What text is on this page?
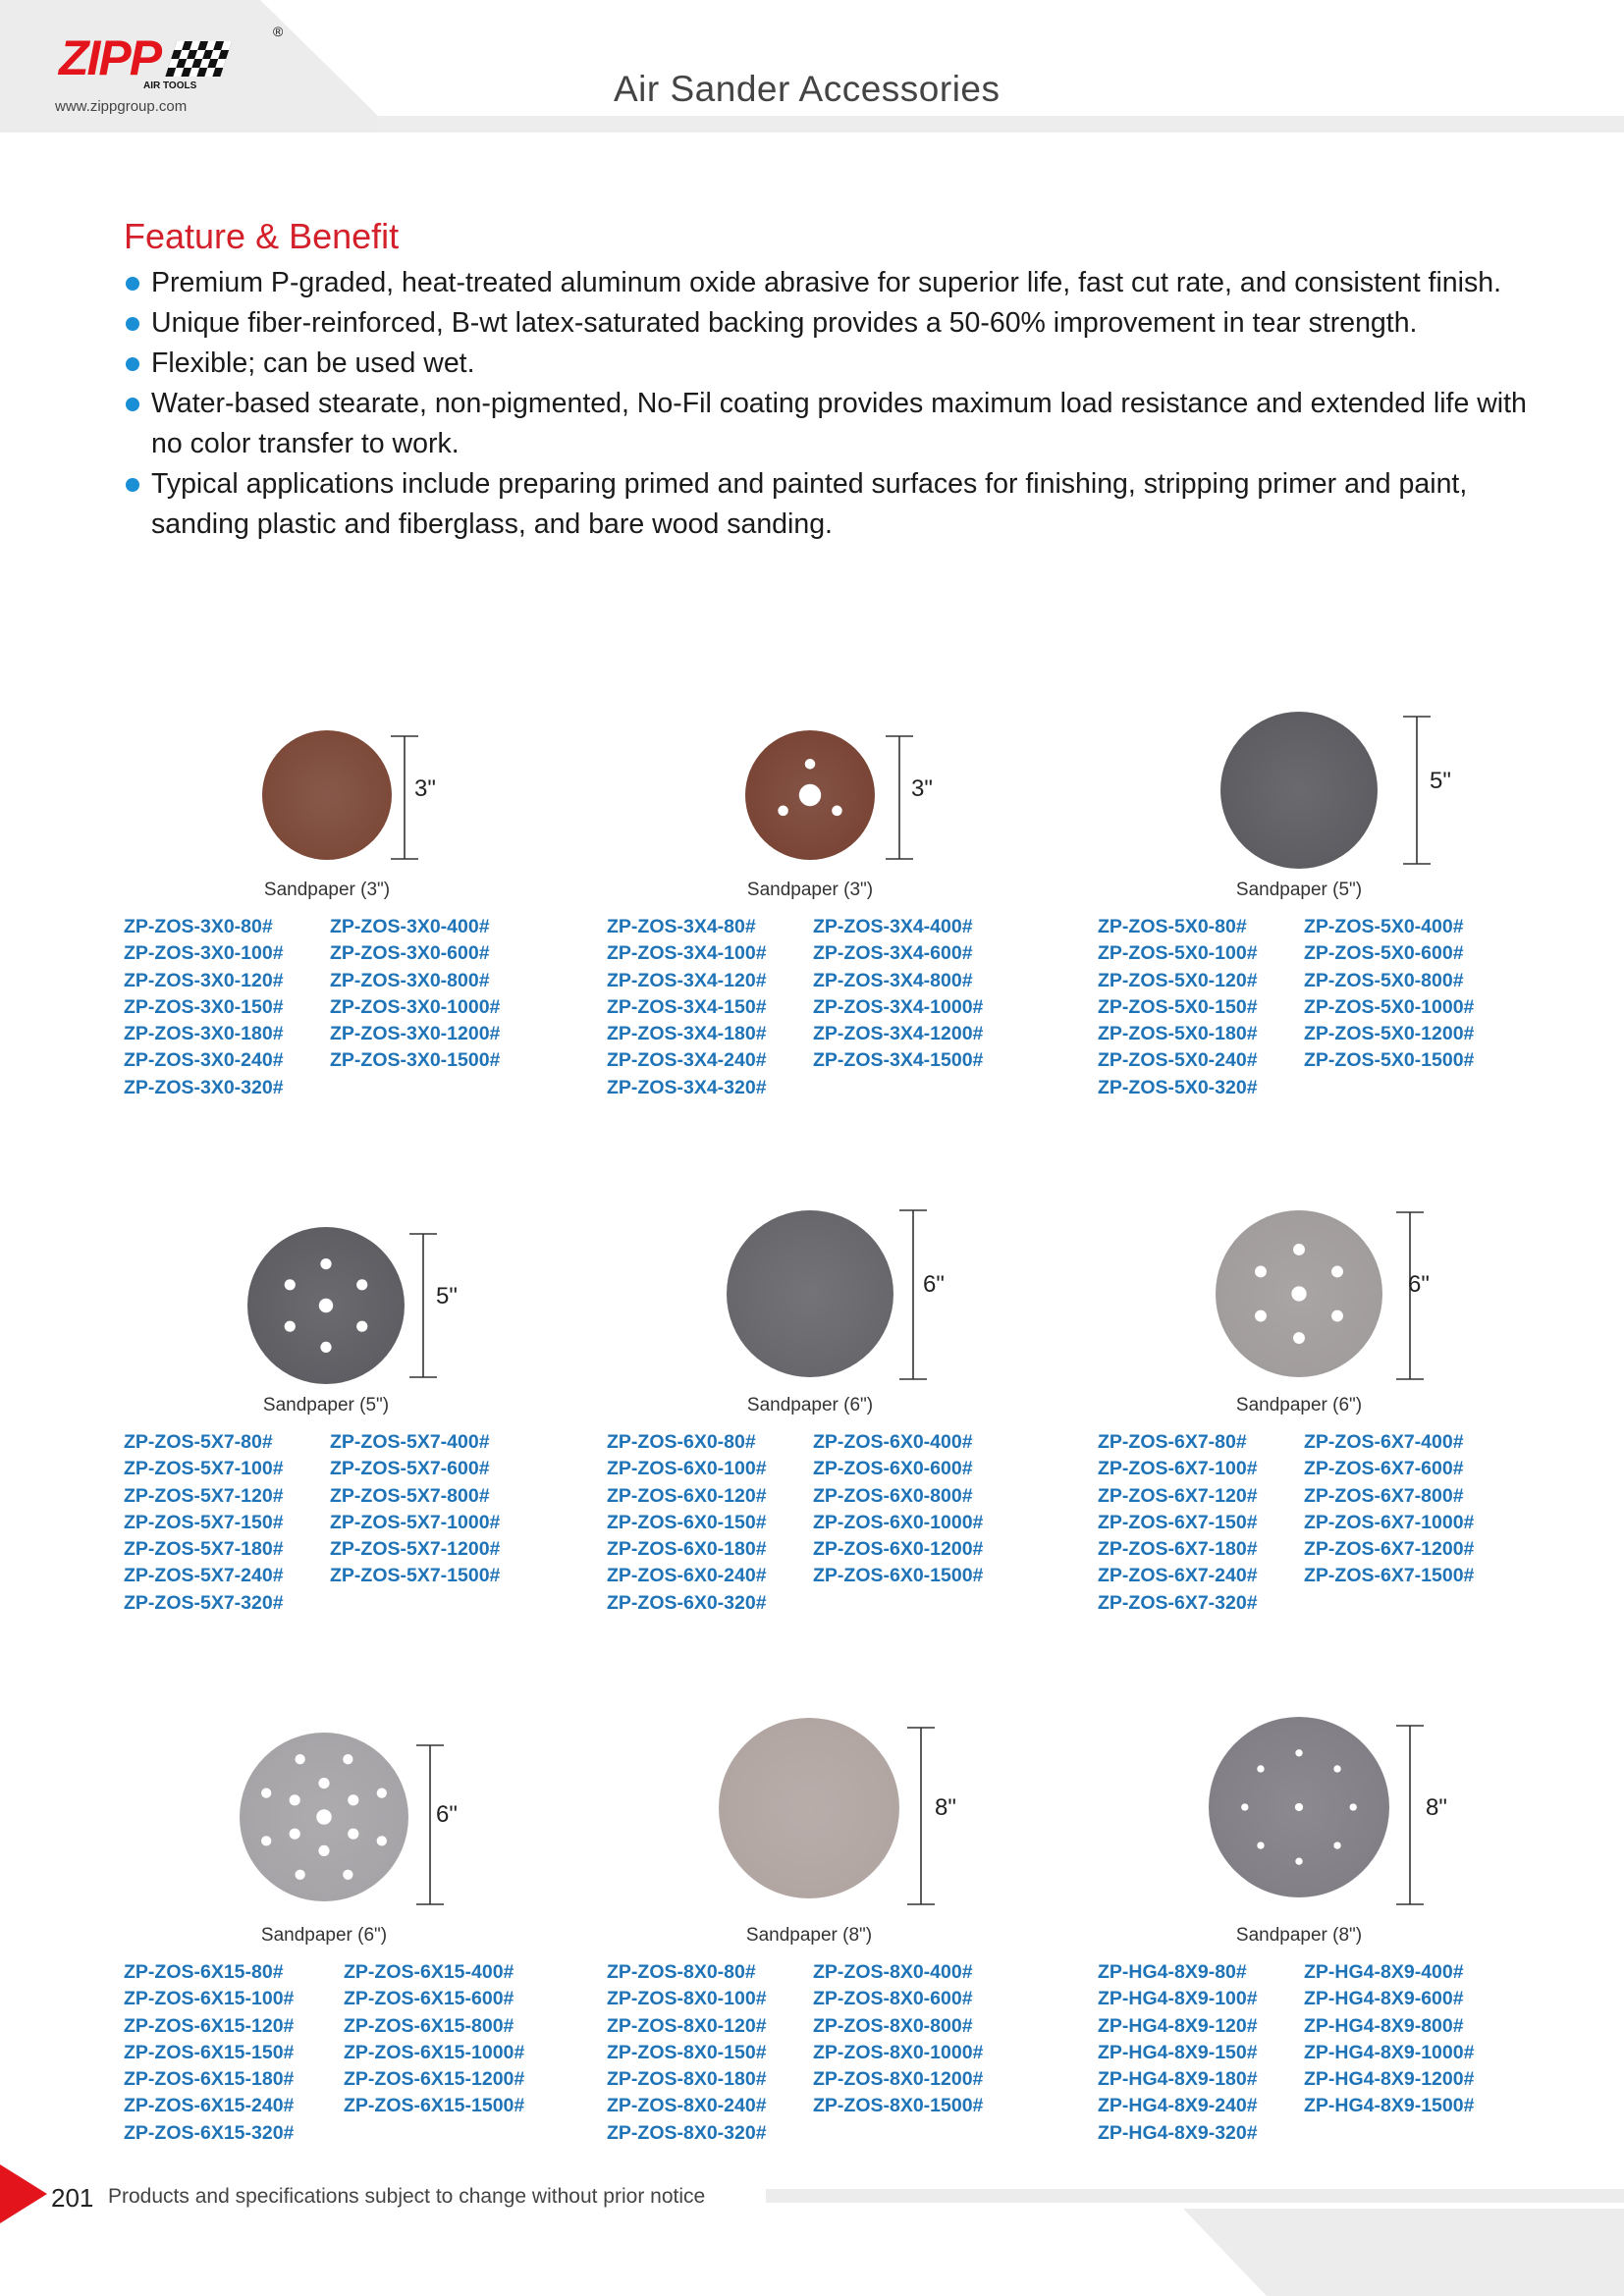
ZIPP
AIR TOOLS
®
www.zippgroup.com	Air Sander Accessories
Feature & Benefit
Premium P-graded, heat-treated aluminum oxide abrasive for superior life, fast cut rate, and consistent finish.
Unique fiber-reinforced, B-wt latex-saturated backing provides a 50-60% improvement in tear strength.
Flexible; can be used wet.
Water-based stearate, non-pigmented, No-Fil coating provides maximum load resistance and extended life with no color transfer to work.
Typical applications include preparing primed and painted surfaces for finishing, stripping primer and paint, sanding plastic and fiberglass, and bare wood sanding.
3"
Sandpaper (3")
ZP-ZOS-3X0-80#
ZP-ZOS-3X0-100#
ZP-ZOS-3X0-120#
ZP-ZOS-3X0-150#
ZP-ZOS-3X0-180#
ZP-ZOS-3X0-240#
ZP-ZOS-3X0-320#
ZP-ZOS-3X0-400#
ZP-ZOS-3X0-600#
ZP-ZOS-3X0-800#
ZP-ZOS-3X0-1000#
ZP-ZOS-3X0-1200#
ZP-ZOS-3X0-1500#
3"
Sandpaper (3")
ZP-ZOS-3X4-80#
ZP-ZOS-3X4-100#
ZP-ZOS-3X4-120#
ZP-ZOS-3X4-150#
ZP-ZOS-3X4-180#
ZP-ZOS-3X4-240#
ZP-ZOS-3X4-320#
ZP-ZOS-3X4-400#
ZP-ZOS-3X4-600#
ZP-ZOS-3X4-800#
ZP-ZOS-3X4-1000#
ZP-ZOS-3X4-1200#
ZP-ZOS-3X4-1500#
5"
Sandpaper (5")
ZP-ZOS-5X0-80#
ZP-ZOS-5X0-100#
ZP-ZOS-5X0-120#
ZP-ZOS-5X0-150#
ZP-ZOS-5X0-180#
ZP-ZOS-5X0-240#
ZP-ZOS-5X0-320#
ZP-ZOS-5X0-400#
ZP-ZOS-5X0-600#
ZP-ZOS-5X0-800#
ZP-ZOS-5X0-1000#
ZP-ZOS-5X0-1200#
ZP-ZOS-5X0-1500#
5"
Sandpaper (5")
ZP-ZOS-5X7-80#
ZP-ZOS-5X7-100#
ZP-ZOS-5X7-120#
ZP-ZOS-5X7-150#
ZP-ZOS-5X7-180#
ZP-ZOS-5X7-240#
ZP-ZOS-5X7-320#
ZP-ZOS-5X7-400#
ZP-ZOS-5X7-600#
ZP-ZOS-5X7-800#
ZP-ZOS-5X7-1000#
ZP-ZOS-5X7-1200#
ZP-ZOS-5X7-1500#
6"
Sandpaper (6")
ZP-ZOS-6X0-80#
ZP-ZOS-6X0-100#
ZP-ZOS-6X0-120#
ZP-ZOS-6X0-150#
ZP-ZOS-6X0-180#
ZP-ZOS-6X0-240#
ZP-ZOS-6X0-320#
ZP-ZOS-6X0-400#
ZP-ZOS-6X0-600#
ZP-ZOS-6X0-800#
ZP-ZOS-6X0-1000#
ZP-ZOS-6X0-1200#
ZP-ZOS-6X0-1500#
6"
Sandpaper (6")
ZP-ZOS-6X7-80#
ZP-ZOS-6X7-100#
ZP-ZOS-6X7-120#
ZP-ZOS-6X7-150#
ZP-ZOS-6X7-180#
ZP-ZOS-6X7-240#
ZP-ZOS-6X7-320#
ZP-ZOS-6X7-400#
ZP-ZOS-6X7-600#
ZP-ZOS-6X7-800#
ZP-ZOS-6X7-1000#
ZP-ZOS-6X7-1200#
ZP-ZOS-6X7-1500#
6"
Sandpaper (6")
ZP-ZOS-6X15-80#
ZP-ZOS-6X15-100#
ZP-ZOS-6X15-120#
ZP-ZOS-6X15-150#
ZP-ZOS-6X15-180#
ZP-ZOS-6X15-240#
ZP-ZOS-6X15-320#
ZP-ZOS-6X15-400#
ZP-ZOS-6X15-600#
ZP-ZOS-6X15-800#
ZP-ZOS-6X15-1000#
ZP-ZOS-6X15-1200#
ZP-ZOS-6X15-1500#
8"
Sandpaper (8")
ZP-ZOS-8X0-80#
ZP-ZOS-8X0-100#
ZP-ZOS-8X0-120#
ZP-ZOS-8X0-150#
ZP-ZOS-8X0-180#
ZP-ZOS-8X0-240#
ZP-ZOS-8X0-320#
ZP-ZOS-8X0-400#
ZP-ZOS-8X0-600#
ZP-ZOS-8X0-800#
ZP-ZOS-8X0-1000#
ZP-ZOS-8X0-1200#
ZP-ZOS-8X0-1500#
8"
Sandpaper (8")
ZP-HG4-8X9-80#
ZP-HG4-8X9-100#
ZP-HG4-8X9-120#
ZP-HG4-8X9-150#
ZP-HG4-8X9-180#
ZP-HG4-8X9-240#
ZP-HG4-8X9-320#
ZP-HG4-8X9-400#
ZP-HG4-8X9-600#
ZP-HG4-8X9-800#
ZP-HG4-8X9-1000#
ZP-HG4-8X9-1200#
ZP-HG4-8X9-1500#
201 Products and specifications subject to change without prior notice
